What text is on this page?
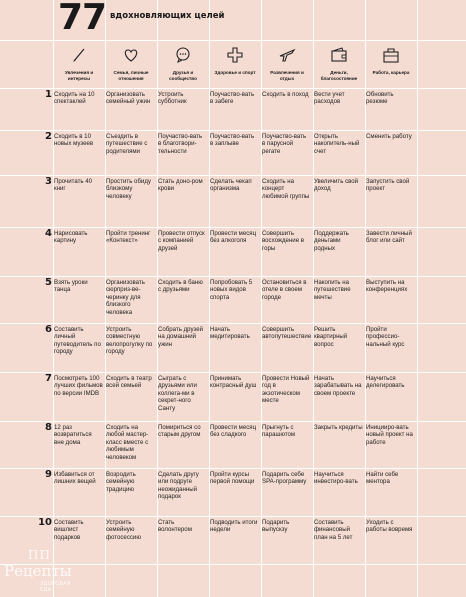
77 вдохновляющих целей
Увлечения и интересы
Семья, личные отношения
Друзья и сообщество
Здоровье и спорт	Развлечения и отдых
Деньги, благосостояние
Работа, карьера
1 Сходить на 10 спектаклей
Организовать семейный ужин
Устроить субботник
Поучаство-вать в забеге
Сходить в поход Вести учет расходов
Обновить резюме
2 Сходить в 10 новых музеев
Съездить в путешествие с родителями
Поучаство-вать в благотвори-тельности
Поучаство-вать в заплыве
Поучаство-вать в парусной регате
Открыть накопитель-ный счет
Сменить работу
3 Прочитать 40 книг
Простить обиду близкому человеку
Стать доно-ром крови
Сделать чекап организма
Сходить на концерт любимой группы
Увеличить свой доход
Запустить свой проект
4 Нарисовать картину
Пройти тренинг «Контекст»
Провести отпуск с компанией друзей
Провести месяц без алкоголя
Совершить восхождение в горы
Поддержать деньгами родных
Завести личный блог или сайт
5 Взять уроки танца
Организовать сюрприз-ве-черинку для близкого человека
Сходить в баню с друзьями
Попробовать 5 новых видов спорта
Остановиться в отеле в своем городе
Накопить на путешествие мечты
Выступить на конференциях
6 Составить личный путеводитель по городу
Устроить совместную велопрогулку по городу
Собрать друзей на домашний ужин
Начать медитировать
Совершить автопутешествие
Решить квартирный вопрос
Пройти профессио-нальный курс
7 Посмотреть 100 лучших фильмов по версии IMDB
Сходить в театр всей семьей
Сыграть с друзьями или коллега-ми в секрет-ного Санту
Принимать контрасный душ
Провести Новый год в экзотическом месте
Начать зарабатывать на своем проекте
Научиться делегировать
8 12 раз возвратиться вне дома
Сходить на любой мастер-класс вместе с любимым человеком
Помириться со старым другом
Провести месяц без сладкого
Прыгнуть с парашютом
Закрыть кредиты Иницииро-вать новый проект на работе
9 Избавиться от лишних вещей
Возродить семейную традицию
Сделать другу или подруге неожиданный подарок
Пройти курсы первой помощи
Подарить себе SPA-программу
Научиться инвестиро-вать
Найти себе ментора
10 Составить вишлист подарков
Устроить семейную фотосессию
Стать волонтером
Подводить итоги недели
Подарить выпускзу
Составить финансовый план на 5 лет
Уходить с работы вовремя
ПП
Рецепты
ЗДОРОВАЯ ЕДА
